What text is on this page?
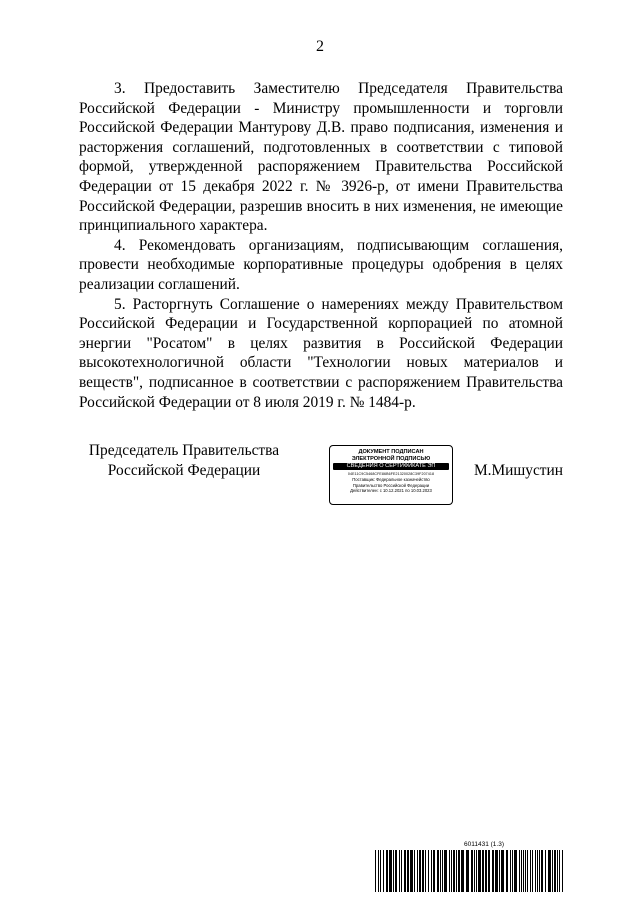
2

3. Предоставить Заместителю Председателя Правительства Российской Федерации - Министру промышленности и торговли Российской Федерации Мантурову Д.В. право подписания, изменения и расторжения соглашений, подготовленных в соответствии с типовой формой, утвержденной распоряжением Правительства Российской Федерации от 15 декабря 2022 г. № 3926-р, от имени Правительства Российской Федерации, разрешив вносить в них изменения, не имеющие принципиального характера.

4. Рекомендовать организациям, подписывающим соглашения, провести необходимые корпоративные процедуры одобрения в целях реализации соглашений.

5. Расторгнуть Соглашение о намерениях между Правительством Российской Федерации и Государственной корпорацией по атомной энергии "Росатом" в целях развития в Российской Федерации высокотехнологичной области "Технологии новых материалов и веществ", подписанное в соответствии с распоряжением Правительства Российской Федерации от 8 июля 2019 г. № 1484-р.

Председатель Правительства
Российской Федерации
ДОКУМЕНТ ПОДПИСАН
ЭЛЕКТРОННОЙ ПОДПИСЬЮ
СВЕДЕНИЯ О СЕРТИФИКАТЕ ЭП
04E11C9C5468CFE86B6FE21320028C39F207418
Поставщик: Федеральное казначейство
Правительство Российской Федерации
Действителен: с 10.12.2021 по 10.03.2023
М.Мишустин
6011431 (1.3)
